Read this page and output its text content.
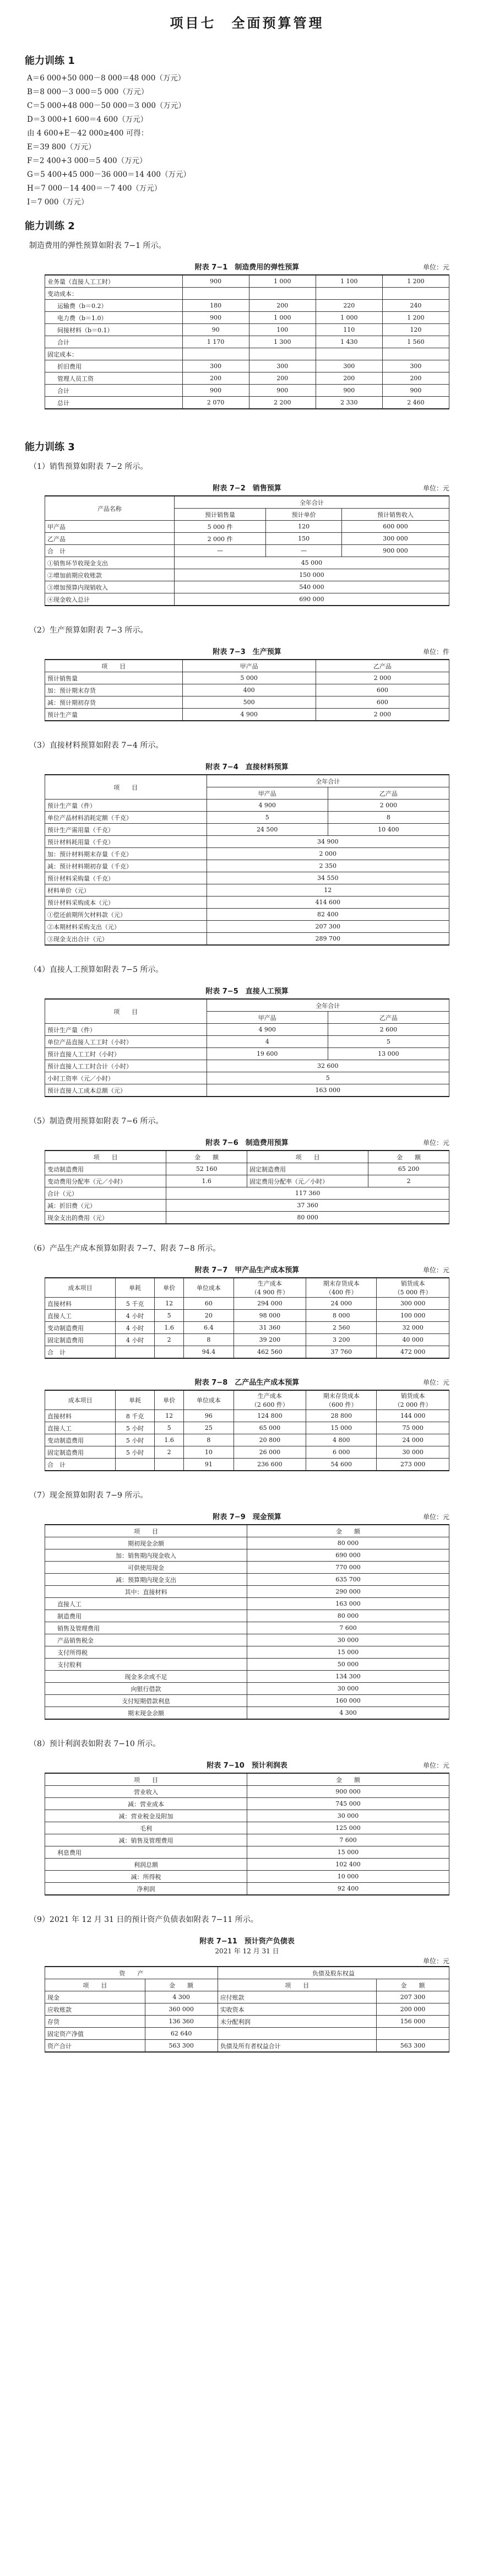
项目七　全面预算管理
能力训练 1
A＝6 000+50 000－8 000＝48 000（万元）
B＝8 000－3 000＝5 000（万元）
C＝5 000+48 000－50 000＝3 000（万元）
D＝3 000+1 600＝4 600（万元）
由 4 600+E－42 000≥400 可得：
E＝39 800（万元）
F＝2 400+3 000＝5 400（万元）
G＝5 400+45 000－36 000＝14 400（万元）
H＝7 000－14 400＝－7 400（万元）
I＝7 000（万元）
能力训练 2
制造费用的弹性预算如附表 7−1 所示。
附表 7−1　制造费用的弹性预算	单位：元
业务量（直接人工工时）	900	1 000	1 100	1 200
变动成本：				
运输费（b＝0.2）	180	200	220	240
电力费（b＝1.0）	900	1 000	1 000	1 200
间接材料（b＝0.1）	90	100	110	120
合计	1 170	1 300	1 430	1 560
固定成本：				
折旧费用	300	300	300	300
管理人员工资	200	200	200	200
合计	900	900	900	900
总计	2 070	2 200	2 330	2 460
能力训练 3
（1）销售预算如附表 7−2 所示。
附表 7−2　销售预算	单位：元
产品名称	全年合计		
	预计销售量	预计单价	预计销售收入
甲产品	5 000 件	120	600 000
乙产品	2 000 件	150	300 000
合　计	—	—	900 000
①销售环节收现金支出	45 000		
②增加前期应收账款	150 000		
③增加预算内现销收入	540 000		
④现金收入总计	690 000		
（2）生产预算如附表 7−3 所示。
附表 7−3　生产预算	单位：件
项　　目	甲产品	乙产品
预计销售量	5 000	2 000
加：预计期末存货	400	600
减：预计期初存货	500	600
预计生产量	4 900	2 000
（3）直接材料预算如附表 7−4 所示。
附表 7−4　直接材料预算
项　　目	全年合计	
	甲产品	乙产品
预计生产量（件）	4 900	2 000
单位产品材料消耗定额（千克）	5	8
预计生产需用量（千克）	24 500	10 400
预计材料耗用量（千克）	34 900	
加：预计材料期末存量（千克）	2 000	
减：预计材料期初存量（千克）	2 350	
预计材料采购量（千克）	34 550	
材料单价（元）	12	
预计材料采购成本（元）	414 600	
①偿还前期所欠材料款（元）	82 400	
②本期材料采购支出（元）	207 300	
③现金支出合计（元）	289 700	
（4）直接人工预算如附表 7−5 所示。
附表 7−5　直接人工预算
项　　目	全年合计	
	甲产品	乙产品
预计生产量（件）	4 900	2 600
单位产品直接人工工时（小时）	4	5
预计直接人工工时（小时）	19 600	13 000
预计直接人工工时合计（小时）	32 600	
小时工资率（元／小时）	5	
预计直接人工成本总额（元）	163 000	
（5）制造费用预算如附表 7−6 所示。
附表 7−6　制造费用预算	单位：元
项　　目	金　　额	项　　目	金　　额
变动制造费用	52 160	固定制造费用	65 200
变动费用分配率（元／小时）	1.6	固定费用分配率（元／小时）	2
合计（元）	117 360		
减：折旧费（元）	37 360		
现金支出的费用（元）	80 000		
（6）产品生产成本预算如附表 7−7、附表 7−8 所示。
附表 7−7　甲产品生产成本预算	单位：元
成本项目	单耗	单价	单位成本	生产成本
（4 900 件）	期末存货成本
（400 件）	销货成本
（5 000 件）
直接材料	5 千克	12	60	294 000	24 000	300 000
直接人工	4 小时	5	20	98 000	8 000	100 000
变动制造费用	4 小时	1.6	6.4	31 360	2 560	32 000
固定制造费用	4 小时	2	8	39 200	3 200	40 000
合　计			94.4	462 560	37 760	472 000
附表 7−8　乙产品生产成本预算	单位：元
成本项目	单耗	单价	单位成本	生产成本
（2 600 件）	期末存货成本
（600 件）	销货成本
（2 000 件）
直接材料	8 千克	12	96	124 800	28 800	144 000
直接人工	5 小时	5	25	65 000	15 000	75 000
变动制造费用	5 小时	1.6	8	20 800	4 800	24 000
固定制造费用	5 小时	2	10	26 000	6 000	30 000
合　计			91	236 600	54 600	273 000
（7）现金预算如附表 7−9 所示。
附表 7−9　现金预算	单位：元
项　　目	金　　额
期初现金余额	80 000
加：销售期内现金收入	690 000
可供使用现金	770 000
减：预算期内现金支出	635 700
其中：直接材料	290 000
直接人工	163 000
制造费用	80 000
销售及管理费用	7 600
产品销售税金	30 000
支付所得税	15 000
支付股利	50 000
现金多余或不足	134 300
向银行借款	30 000
支付短期借款利息	160 000
期末现金余额	4 300
（8）预计利润表如附表 7−10 所示。
附表 7−10　预计利润表	单位：元
项　　目	金　　额
营业收入	900 000
减：营业成本	745 000
减：营业税金及附加	30 000
毛利	125 000
减：销售及管理费用	7 600
利息费用	15 000
利润总额	102 400
减：所得税	10 000
净利润	92 400
（9）2021 年 12 月 31 日的预计资产负债表如附表 7−11 所示。
附表 7−11　预计资产负债表
2021 年 12 月 31 日
单位：元
资　　产		负债及股东权益	
项　　目	金　　额	项　　目	金　　额
现金	4 300	应付账款	207 300
应收账款	360 000	实收资本	200 000
存货	136 360	未分配利润	156 000
固定资产净值	62 640		
资产合计	563 300	负债及所有者权益合计	563 300
